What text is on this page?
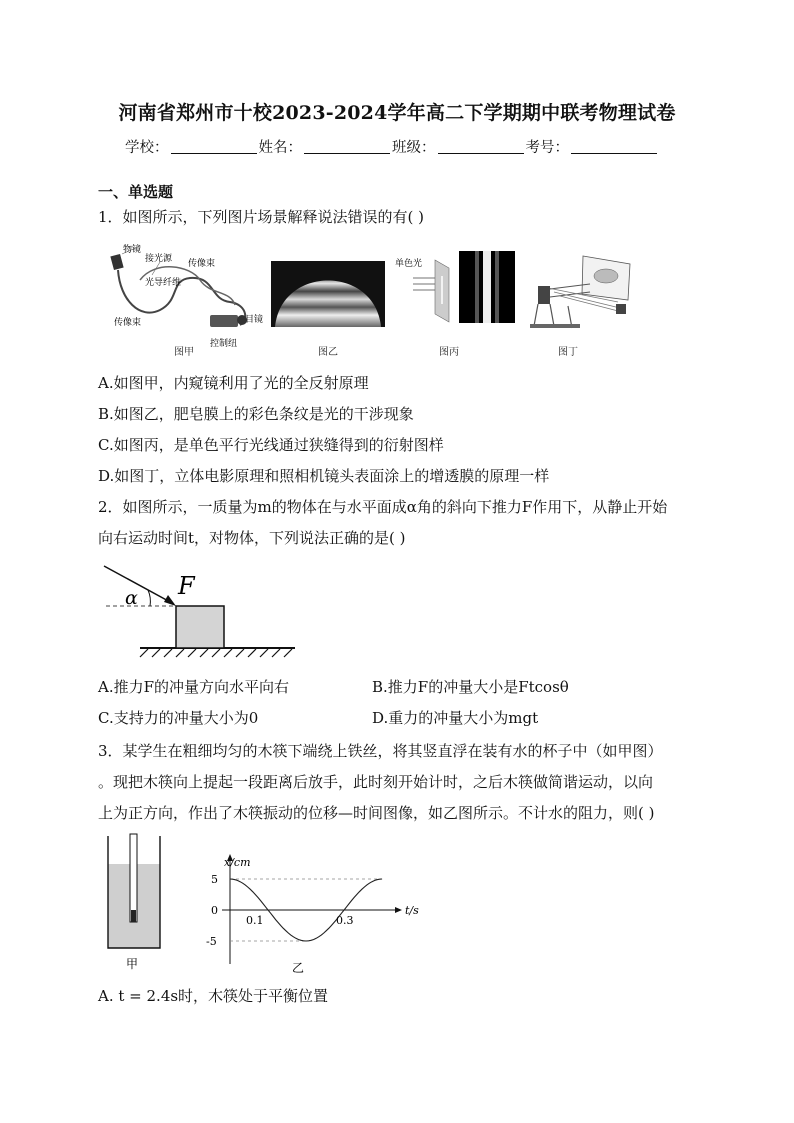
河南省郑州市十校2023-2024学年高二下学期期中联考物理试卷
学校：	姓名：	班级：	考号：
一、单选题
1．如图所示，下列图片场景解释说法错误的有( )
物镜
接光源 传像束
光导纤维
传像束	目镜
控制纽
图甲	图乙
单色光
图丙	图丁
A.如图甲，内窥镜利用了光的全反射原理
B.如图乙，肥皂膜上的彩色条纹是光的干涉现象
C.如图丙，是单色平行光线通过狭缝得到的衍射图样
D.如图丁，立体电影原理和照相机镜头表面涂上的增透膜的原理一样
2．如图所示，一质量为m的物体在与水平面成α角的斜向下推力F作用下，从静止开始
向右运动时间t，对物体，下列说法正确的是( )
α F
A.推力F的冲量方向水平向右	B.推力F的冲量大小是Ftcosθ
C.支持力的冲量大小为0	D.重力的冲量大小为mgt
3．某学生在粗细均匀的木筷下端绕上铁丝，将其竖直浮在装有水的杯子中（如甲图）
。现把木筷向上提起一段距离后放手，此时刻开始计时，之后木筷做简谐运动，以向
上为正方向，作出了木筷振动的位移—时间图像，如乙图所示。不计水的阻力，则( )
甲
x/cm
t/s
5
0
-5
0.1	0.3
乙
A. t = 2.4s时，木筷处于平衡位置
